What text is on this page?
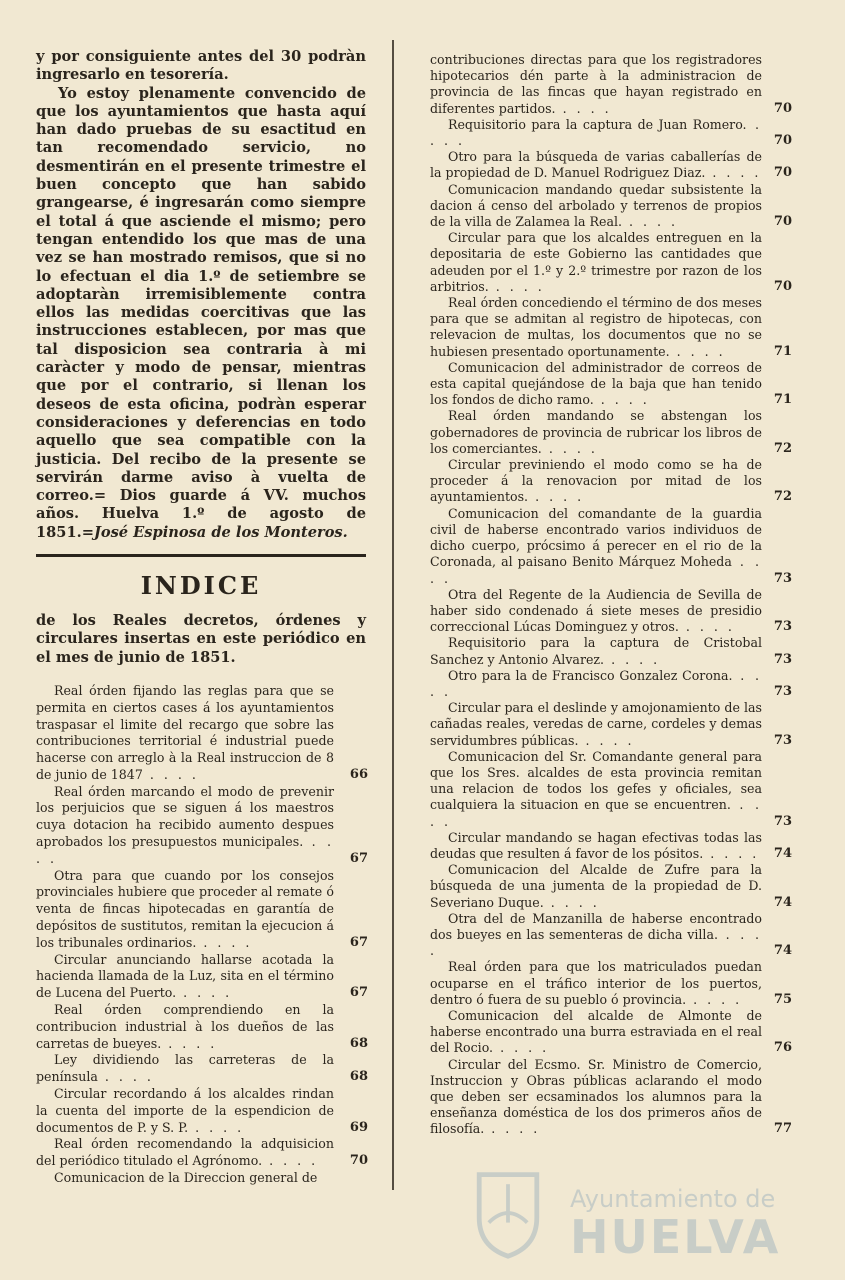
y por consiguiente antes del 30 podràn ingresarlo en tesorería.

Yo estoy plenamente convencido de que los ayuntamientos que hasta aquí han dado pruebas de su esactitud en tan recomendado servicio, no desmentirán en el presente trimestre el buen concepto que han sabido grangearse, é ingresarán como siempre el total á que asciende el mismo; pero tengan entendido los que mas de una vez se han mostrado remisos, que si no lo efectuan el dia 1.º de setiembre se adoptaràn irremisiblemente contra ellos las medidas coercitivas que las instrucciones establecen, por mas que tal disposicion sea contraria à mi caràcter y modo de pensar, mientras que por el contrario, si llenan los deseos de esta oficina, podràn esperar consideraciones y deferencias en todo aquello que sea compatible con la justicia. Del recibo de la presente se servirán darme aviso à vuelta de correo.= Dios guarde á VV. muchos años. Huelva 1.º de agosto de 1851.=José Espinosa de los Monteros.

INDICE
de los Reales decretos, órdenes y circulares insertas en este periódico en el mes de junio de 1851.
Real órden fijando las reglas para que se permita en ciertos cases á los ayuntamientos traspasar el limite del recargo que sobre las contribuciones territorial é industrial puede hacerse con arreglo à la Real instruccion de 8 de junio de 1847 . . . .	66
Real órden marcando el modo de prevenir los perjuicios que se siguen á los maestros cuya dotacion ha recibido aumento despues aprobados los presupuestos municipales. . . . .	67
Otra para que cuando por los consejos provinciales hubiere que proceder al remate ó venta de fincas hipotecadas en garantía de depósitos de sustitutos, remitan la ejecucion á los tribunales ordinarios. . . . .	67
Circular anunciando hallarse acotada la hacienda llamada de la Luz, sita en el término de Lucena del Puerto. . . . .	67
Real órden comprendiendo en la contribucion industrial à los dueños de las carretas de bueyes. . . . .	68
Ley dividiendo las carreteras de la península . . . .	68
Circular recordando á los alcaldes rindan la cuenta del importe de la espendicion de documentos de P. y S. P. . . . .	69
Real órden recomendando la adquisicion del periódico titulado el Agrónomo. . . . . 70
Comunicacion de la Direccion general de
contribuciones directas para que los registradores hipotecarios dén parte à la administracion de provincia de las fincas que hayan registrado en diferentes partidos. . . . .	70
Requisitorio para la captura de Juan Romero. . . . .	70
Otro para la búsqueda de varias caballerías de la propiedad de D. Manuel Rodriguez Diaz. . . . . 70
Comunicacion mandando quedar subsistente la dacion á censo del arbolado y terrenos de propios de la villa de Zalamea la Real. . . . .	70
Circular para que los alcaldes entreguen en la depositaria de este Gobierno las cantidades que adeuden por el 1.º y 2.º trimestre por razon de los arbitrios. . . . .	70
Real órden concediendo el término de dos meses para que se admitan al registro de hipotecas, con relevacion de multas, los documentos que no se hubiesen presentado oportunamente. . . . .	71
Comunicacion del administrador de correos de esta capital quejándose de la baja que han tenido los fondos de dicho ramo. . . . .	71
Real órden mandando se abstengan los gobernadores de provincia de rubricar los libros de los comerciantes. . . . .	72
Circular previniendo el modo como se ha de proceder á la renovacion por mitad de los ayuntamientos. . . . .	72
Comunicacion del comandante de la guardia civil de haberse encontrado varios individuos de dicho cuerpo, prócsimo á perecer en el rio de la Coronada, al paisano Benito Márquez Moheda . . . .	73
Otra del Regente de la Audiencia de Sevilla de haber sido condenado á siete meses de presidio correccional Lúcas Dominguez y otros. . . . .	73
Requisitorio para la captura de Cristobal Sanchez y Antonio Alvarez. . . . .	73
Otro para la de Francisco Gonzalez Corona. . . . .	73
Circular para el deslinde y amojonamiento de las cañadas reales, veredas de carne, cordeles y demas servidumbres públicas. . . . .	73
Comunicacion del Sr. Comandante general para que los Sres. alcaldes de esta provincia remitan una relacion de todos los gefes y oficiales, sea cualquiera la situacion en que se encuentren. . . . .	73
Circular mandando se hagan efectivas todas las deudas que resulten á favor de los pósitos. . . . . 74
Comunicacion del Alcalde de Zufre para la búsqueda de una jumenta de la propiedad de D. Severiano Duque. . . . .	74
Otra del de Manzanilla de haberse encontrado dos bueyes en las sementeras de dicha villa. . . . .	74
Real órden para que los matriculados puedan ocuparse en el tráfico interior de los puertos, dentro ó fuera de su pueblo ó provincia. . . . . 75
Comunicacion del alcalde de Almonte de haberse encontrado una burra estraviada en el real del Rocio. . . . .	76
Circular del Ecsmo. Sr. Ministro de Comercio, Instruccion y Obras públicas aclarando el modo que deben ser ecsaminados los alumnos para la enseñanza doméstica de los dos primeros años de filosofía. . . . .	77
Ayuntamiento de
HUELVA
